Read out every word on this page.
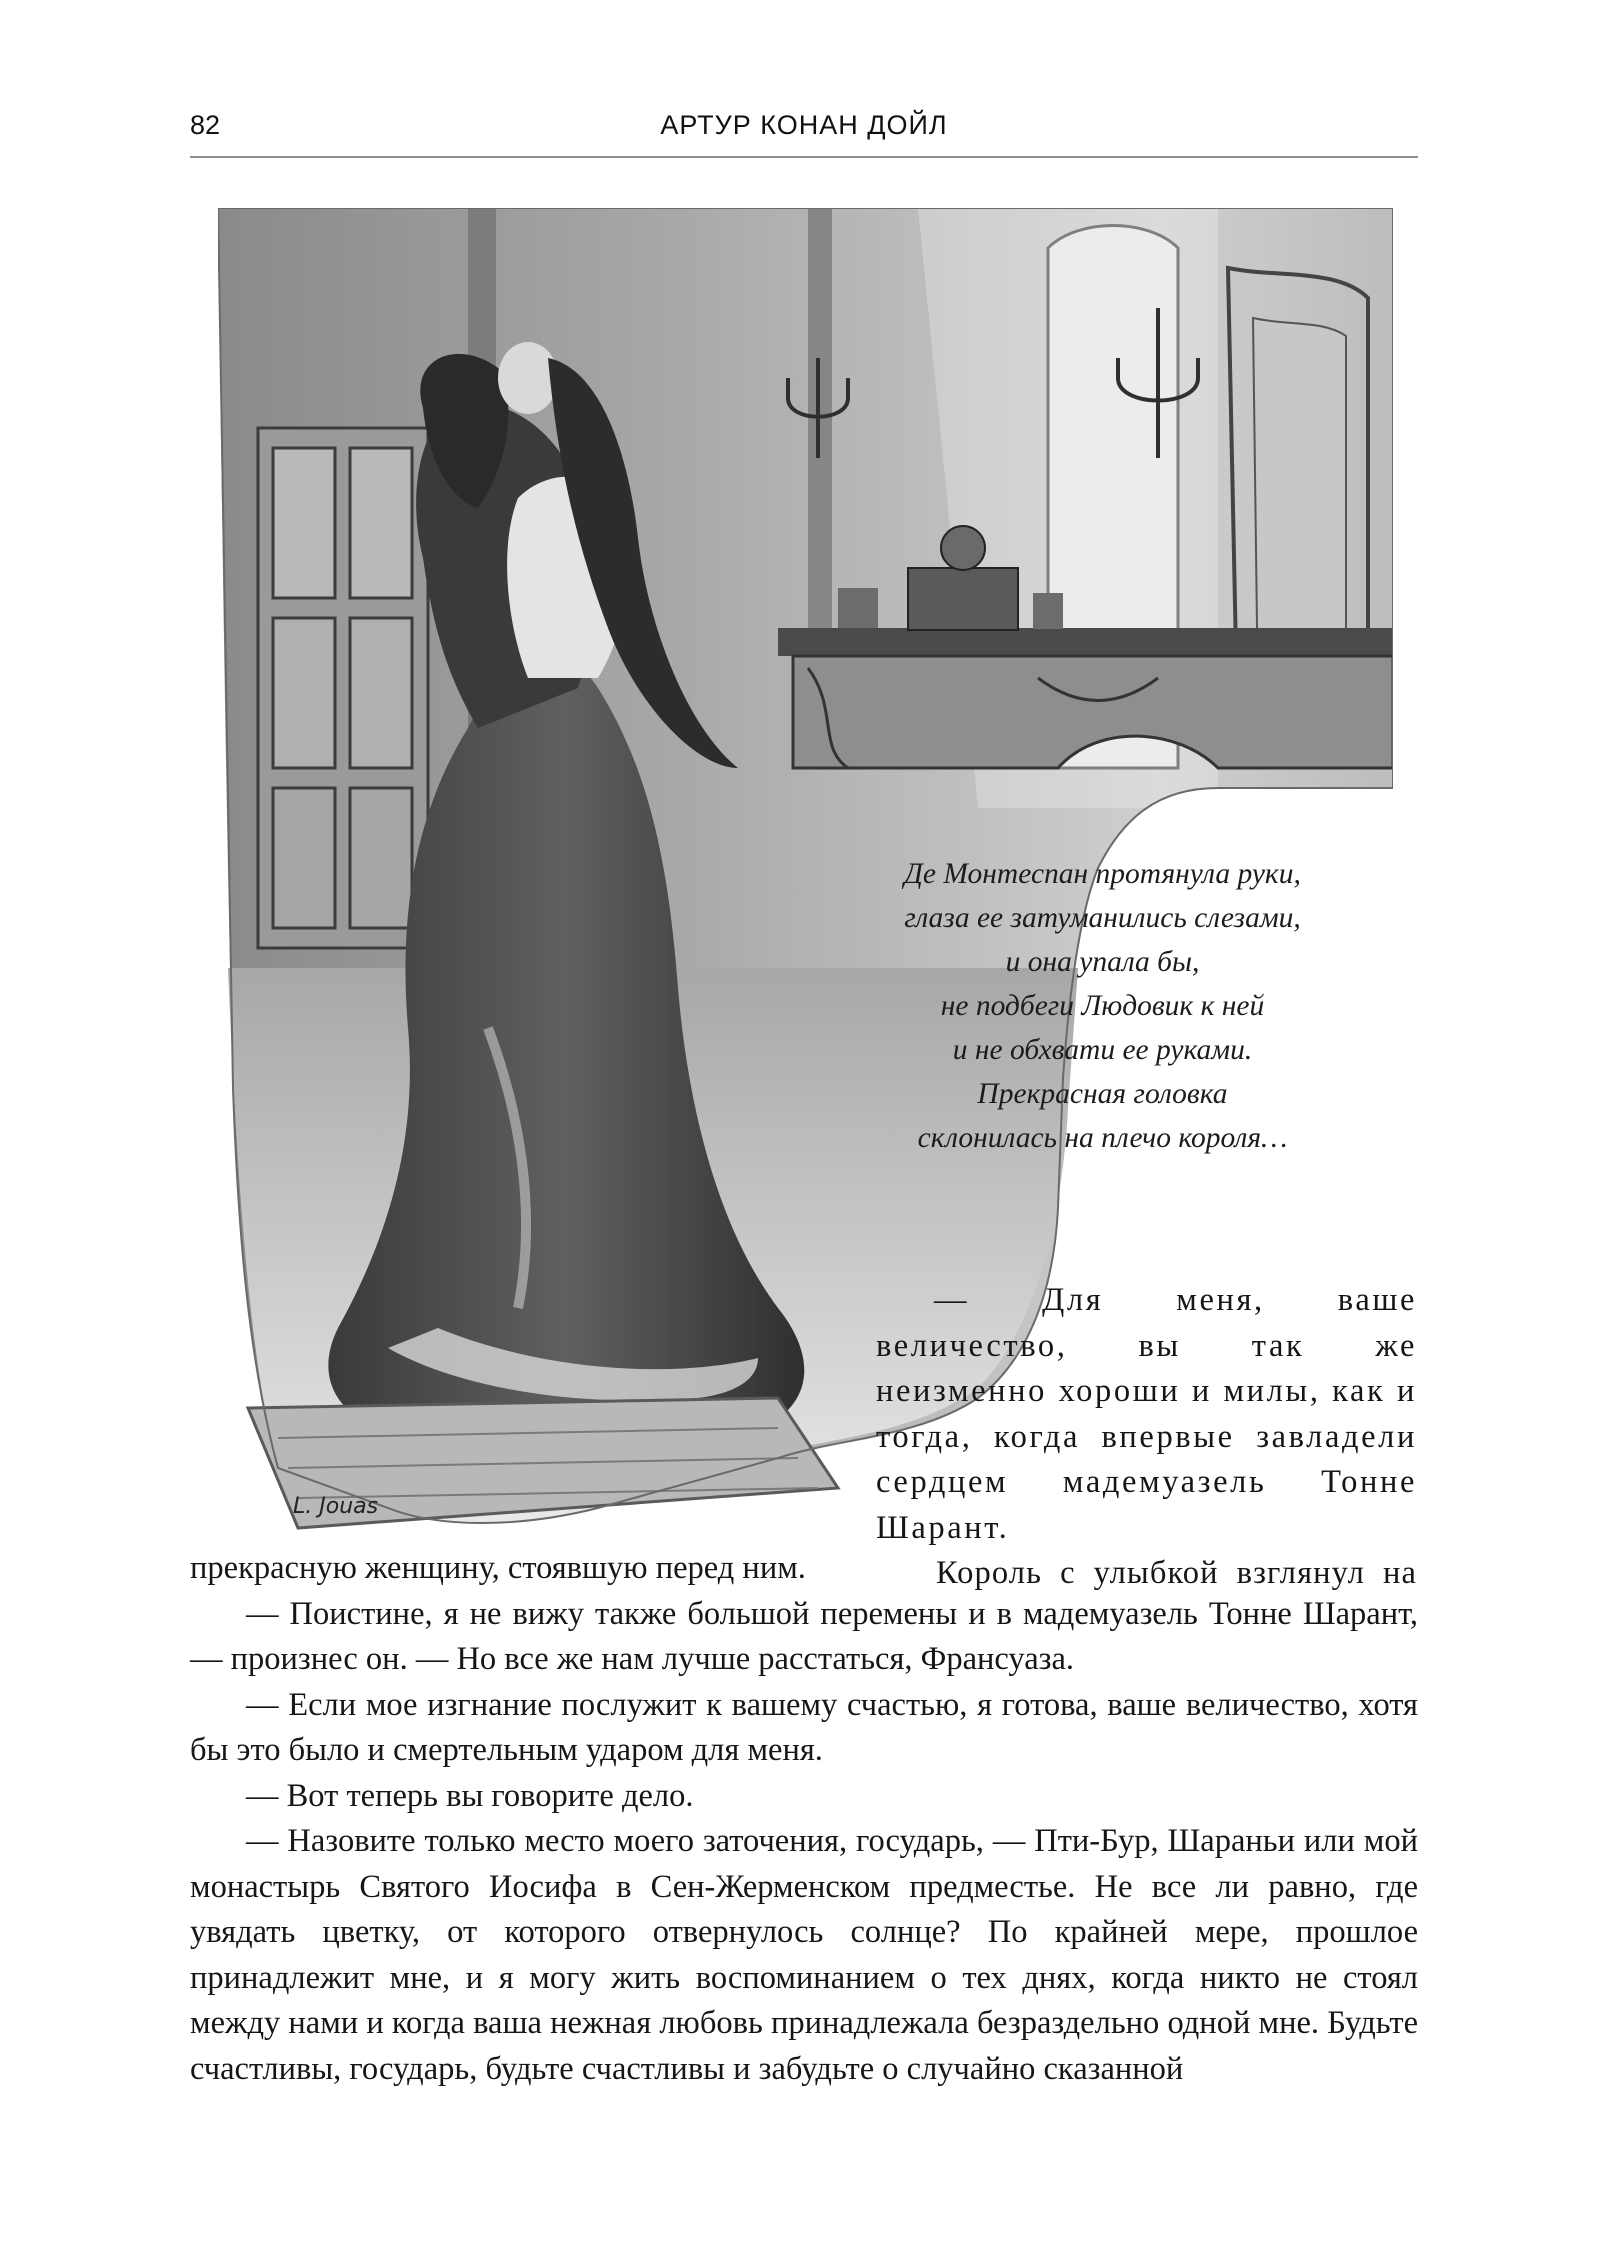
82	АРТУР КОНАН ДОЙЛ
L. Jouas

Де Монтеспан протянула руки,

глаза ее затуманились слезами,

и она упала бы,

не подбеги Людовик к ней

и не обхвати ее руками.

Прекрасная головка

склонилась на плечо короля…

— Для меня, ваше величество, вы так же неизменно хороши и милы, как и тогда, когда впервые завладели сердцем мадемуазель Тонне Шарант.

Король с улыбкой взглянул на

прекрасную женщину, стоявшую перед ним.

— Поистине, я не вижу также большой перемены и в мадемуазель Тонне Шарант, — произнес он. — Но все же нам лучше расстаться, Франсуаза.

— Если мое изгнание послужит к вашему счастью, я готова, ваше величество, хотя бы это было и смертельным ударом для меня.

— Вот теперь вы говорите дело.

— Назовите только место моего заточения, государь, — Пти-Бур, Шараньи или мой монастырь Святого Иосифа в Сен-Жерменском предместье. Не все ли равно, где увядать цветку, от которого отвернулось солнце? По крайней мере, прошлое принадлежит мне, и я могу жить воспоминанием о тех днях, когда никто не стоял между нами и когда ваша нежная любовь принадлежала безраздельно одной мне. Будьте счастливы, государь, будьте счастливы и забудьте о случайно сказанной
